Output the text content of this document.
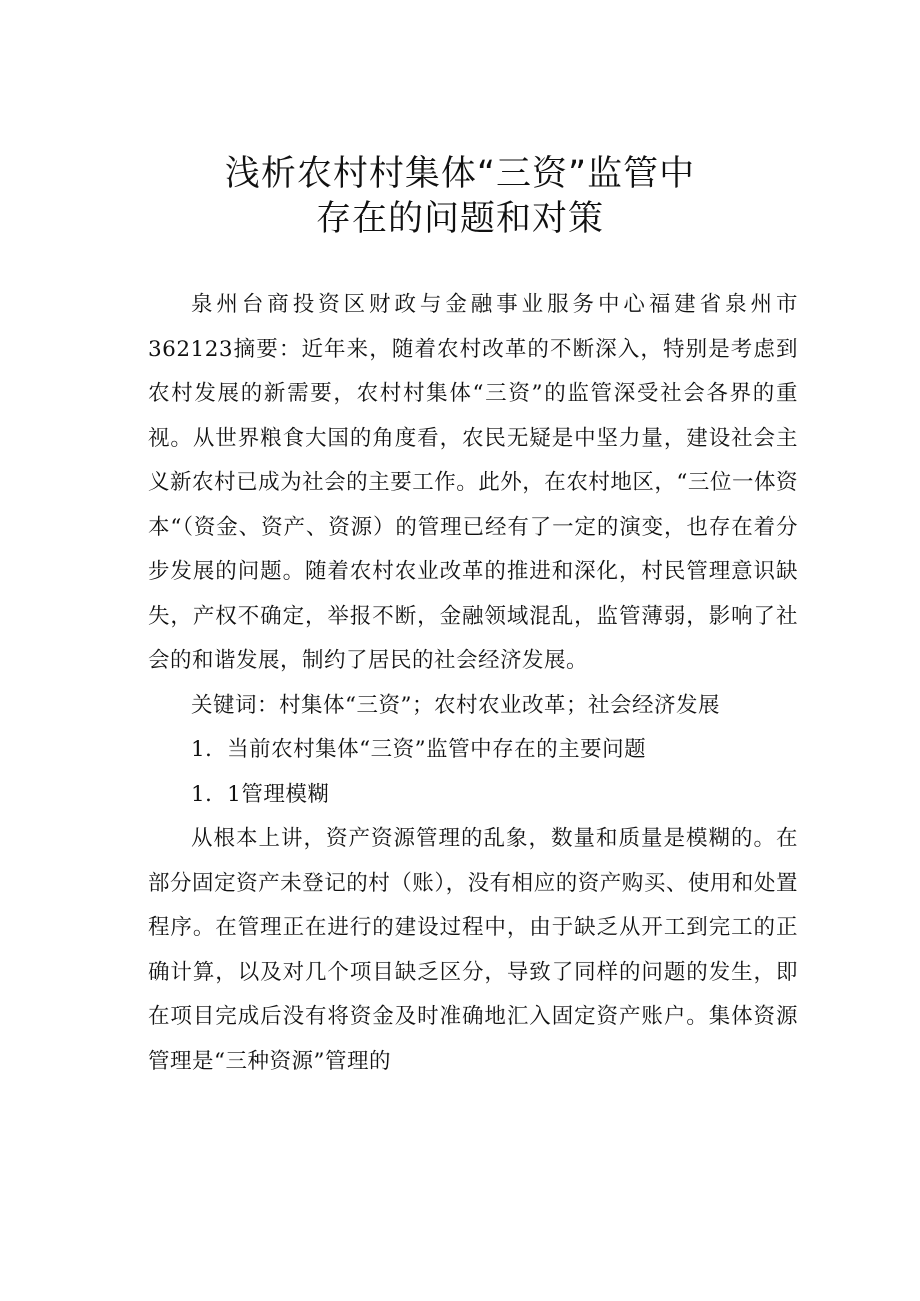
浅析农村村集体“三资”监管中
存在的问题和对策

泉州台商投资区财政与金融事业服务中心福建省泉州市362123摘要：近年来，随着农村改革的不断深入，特别是考虑到农村发展的新需要，农村村集体“三资”的监管深受社会各界的重视。从世界粮食大国的角度看，农民无疑是中坚力量，建设社会主义新农村已成为社会的主要工作。此外，在农村地区，“三位一体资本“（资金、资产、资源）的管理已经有了一定的演变，也存在着分步发展的问题。随着农村农业改革的推进和深化，村民管理意识缺失，产权不确定，举报不断，金融领域混乱，监管薄弱，影响了社会的和谐发展，制约了居民的社会经济发展。

关键词：村集体“三资”；农村农业改革；社会经济发展

1．当前农村集体“三资”监管中存在的主要问题

1．1管理模糊

从根本上讲，资产资源管理的乱象，数量和质量是模糊的。在部分固定资产未登记的村（账），没有相应的资产购买、使用和处置程序。在管理正在进行的建设过程中，由于缺乏从开工到完工的正确计算，以及对几个项目缺乏区分，导致了同样的问题的发生，即在项目完成后没有将资金及时准确地汇入固定资产账户。集体资源管理是“三种资源”管理的
